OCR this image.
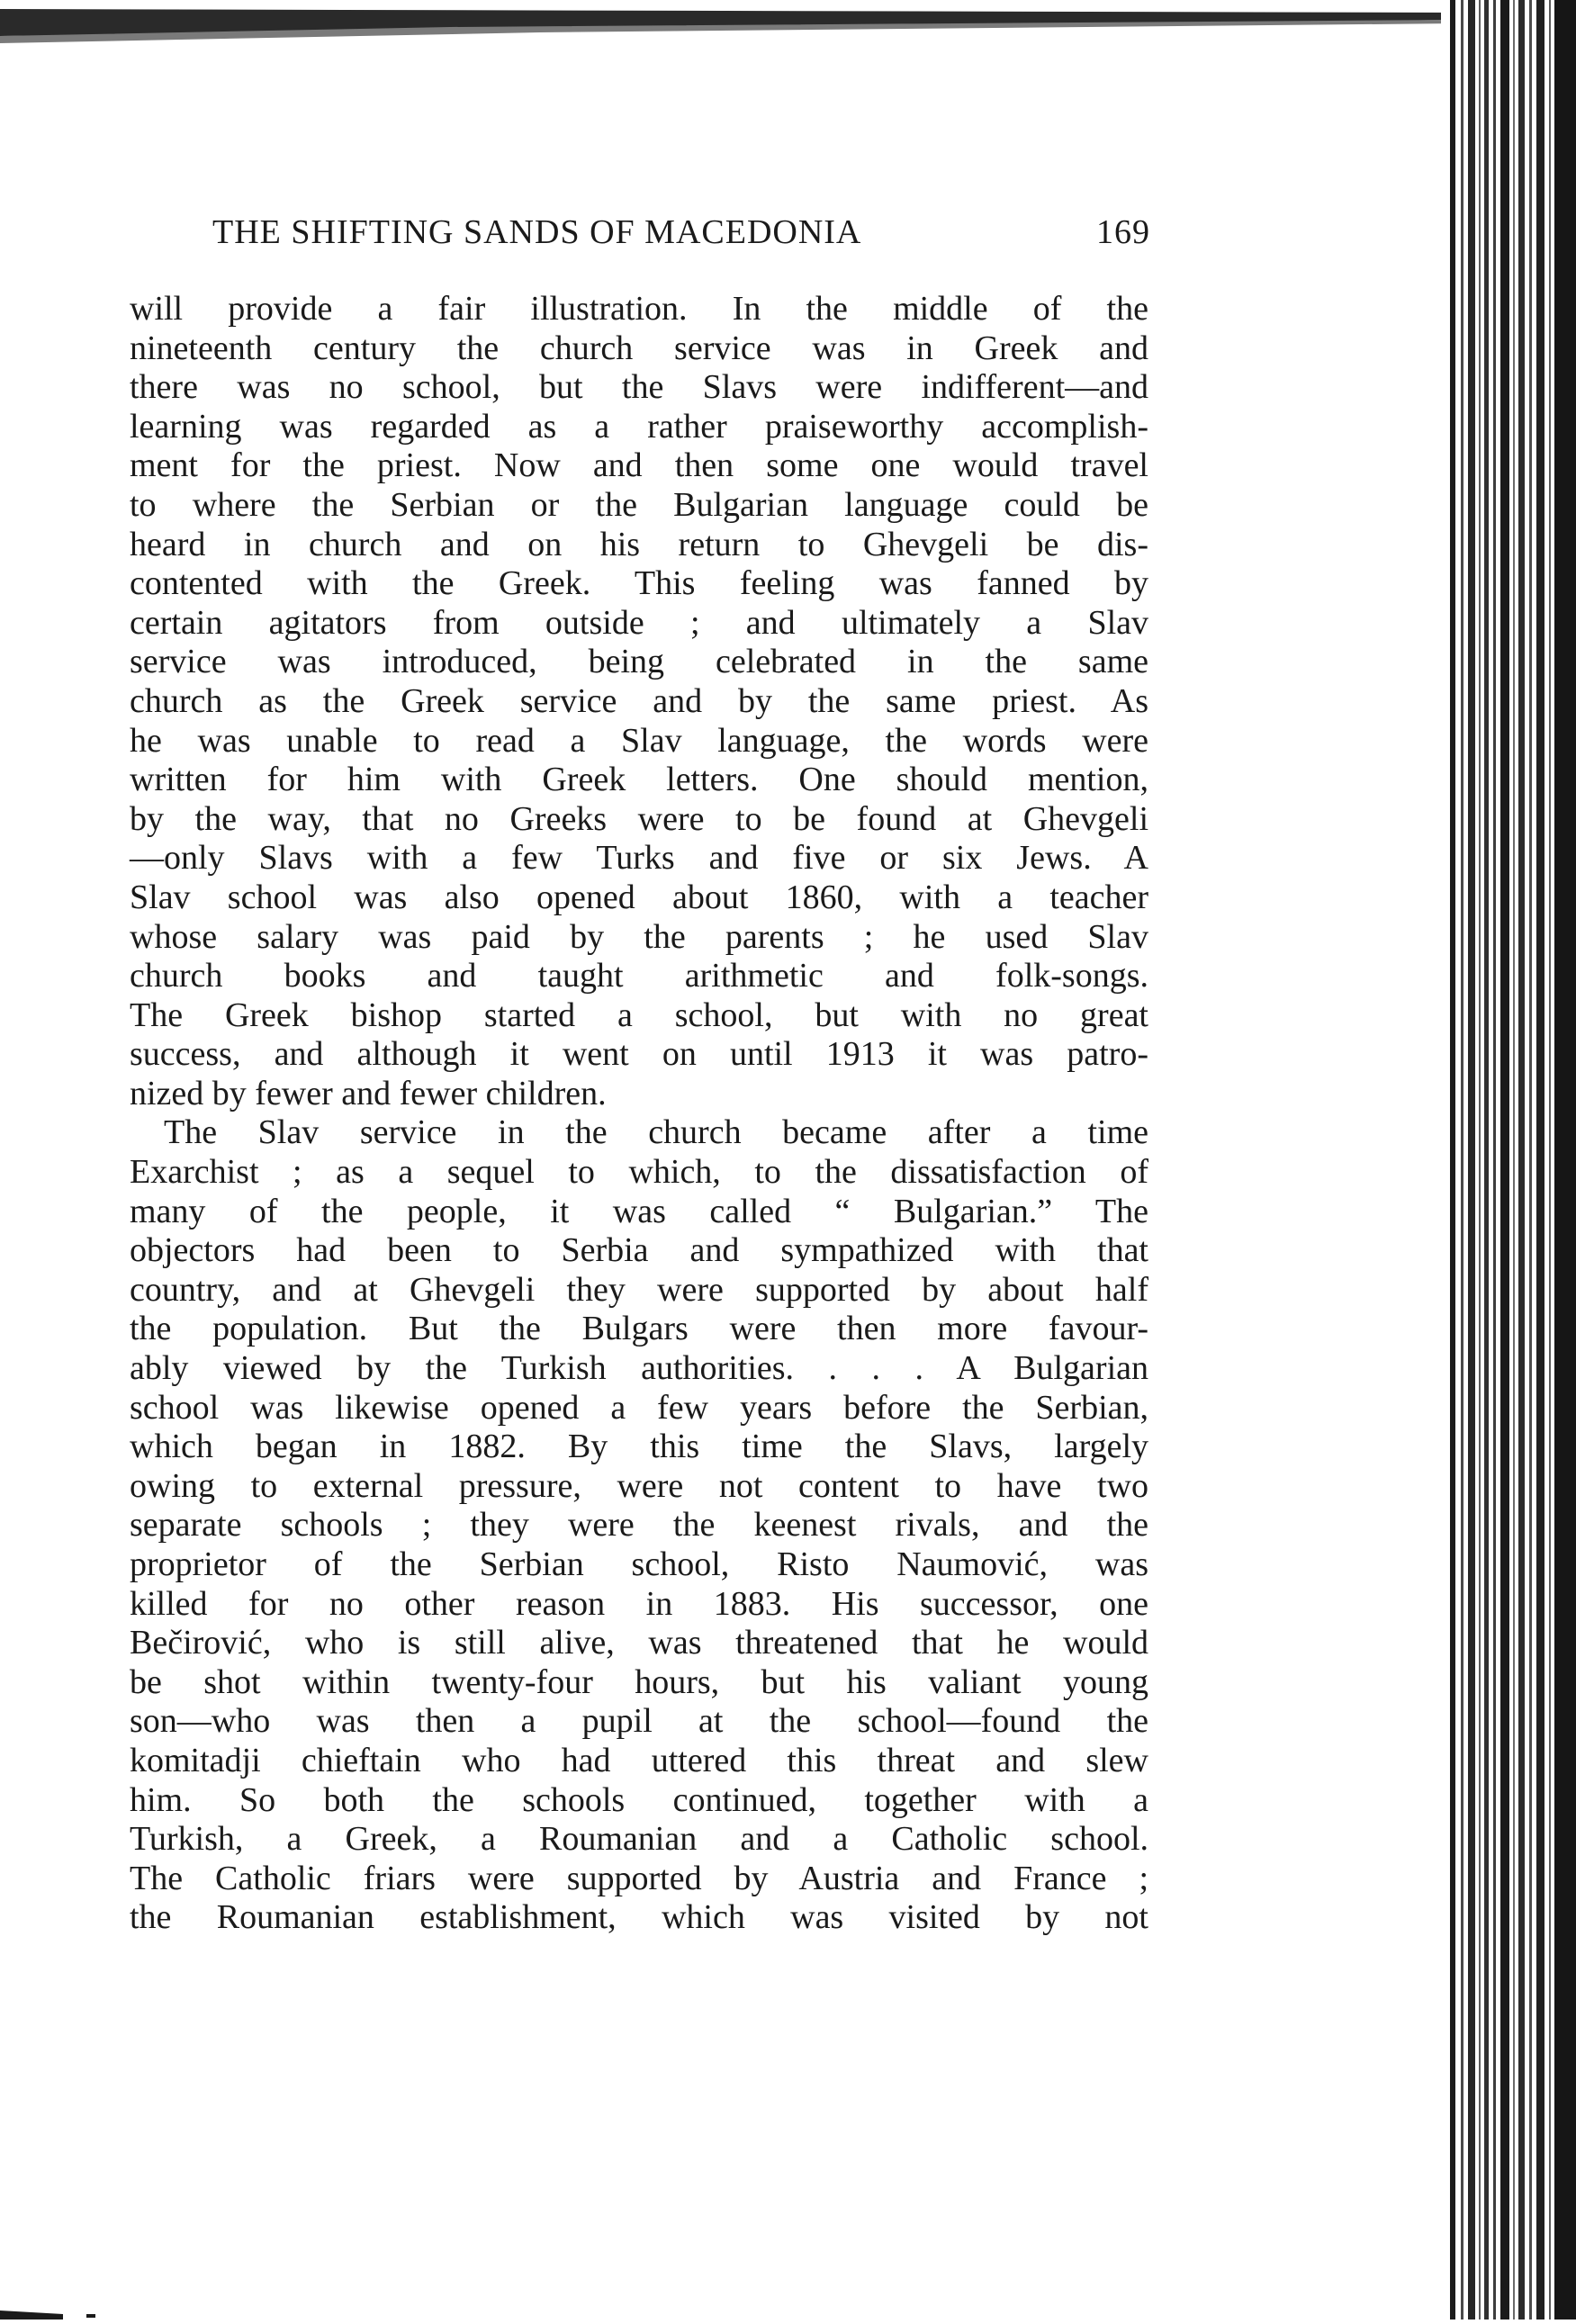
THE SHIFTING SANDS OF MACEDONIA	169
will provide a fair illustration. In the middle of the
nineteenth century the church service was in Greek and
there was no school, but the Slavs were indifferent—and
learning was regarded as a rather praiseworthy accomplish-
ment for the priest. Now and then some one would travel
to where the Serbian or the Bulgarian language could be
heard in church and on his return to Ghevgeli be dis-
contented with the Greek. This feeling was fanned by
certain agitators from outside ; and ultimately a Slav
service was introduced, being celebrated in the same
church as the Greek service and by the same priest. As
he was unable to read a Slav language, the words were
written for him with Greek letters. One should mention,
by the way, that no Greeks were to be found at Ghevgeli
—only Slavs with a few Turks and five or six Jews. A
Slav school was also opened about 1860, with a teacher
whose salary was paid by the parents ; he used Slav
church books and taught arithmetic and folk-songs.
The Greek bishop started a school, but with no great
success, and although it went on until 1913 it was patro-
nized by fewer and fewer children.
The Slav service in the church became after a time
Exarchist ; as a sequel to which, to the dissatisfaction of
many of the people, it was called “ Bulgarian.” The
objectors had been to Serbia and sympathized with that
country, and at Ghevgeli they were supported by about half
the population. But the Bulgars were then more favour-
ably viewed by the Turkish authorities. . . . A Bulgarian
school was likewise opened a few years before the Serbian,
which began in 1882. By this time the Slavs, largely
owing to external pressure, were not content to have two
separate schools ; they were the keenest rivals, and the
proprietor of the Serbian school, Risto Naumović, was
killed for no other reason in 1883. His successor, one
Bečirović, who is still alive, was threatened that he would
be shot within twenty-four hours, but his valiant young
son—who was then a pupil at the school—found the
komitadji chieftain who had uttered this threat and slew
him. So both the schools continued, together with a
Turkish, a Greek, a Roumanian and a Catholic school.
The Catholic friars were supported by Austria and France ;
the Roumanian establishment, which was visited by not
